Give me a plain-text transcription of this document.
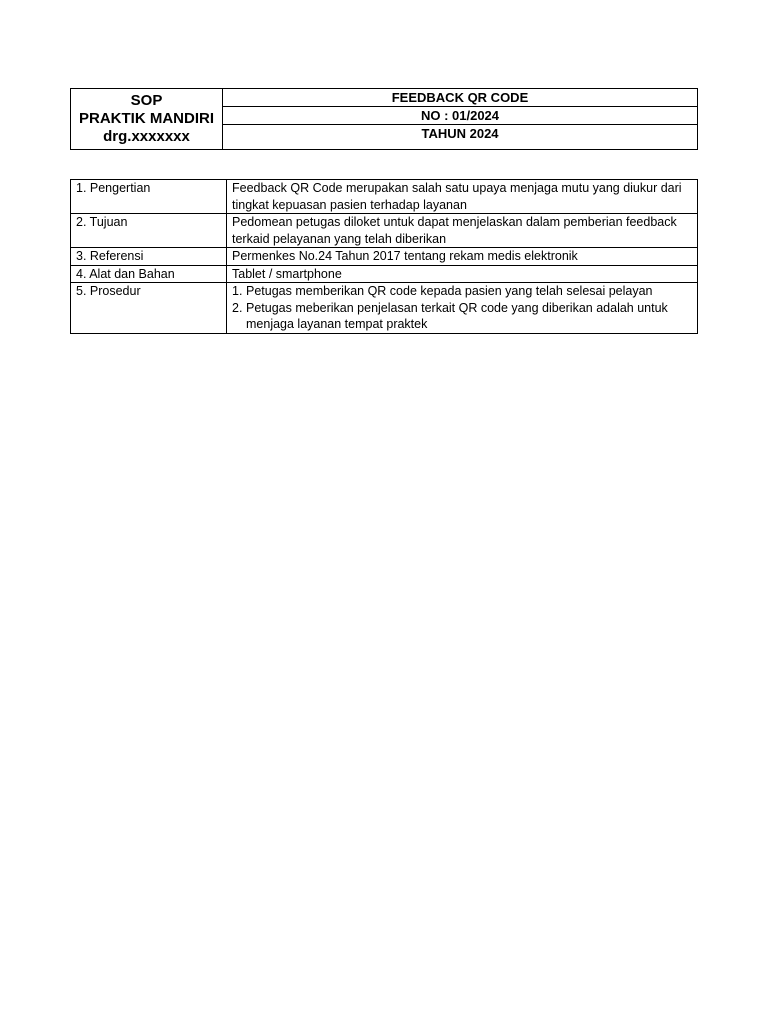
SOP
PRAKTIK MANDIRI
drg.xxxxxxx
	FEEDBACK QR CODE
NO : 01/2024
TAHUN 2024
1. Pengertian	Feedback QR Code merupakan salah satu upaya menjaga mutu yang diukur dari tingkat kepuasan pasien terhadap layanan
2. Tujuan	Pedomean petugas diloket untuk dapat menjelaskan dalam pemberian feedback terkaid pelayanan yang telah diberikan
3. Referensi	Permenkes No.24 Tahun 2017 tentang rekam medis elektronik
4. Alat dan Bahan	Tablet / smartphone
5. Prosedur	1. Petugas memberikan QR code kepada pasien yang telah selesai pelayan
2. Petugas meberikan penjelasan terkait QR code yang diberikan adalah untuk menjaga layanan tempat praktek
